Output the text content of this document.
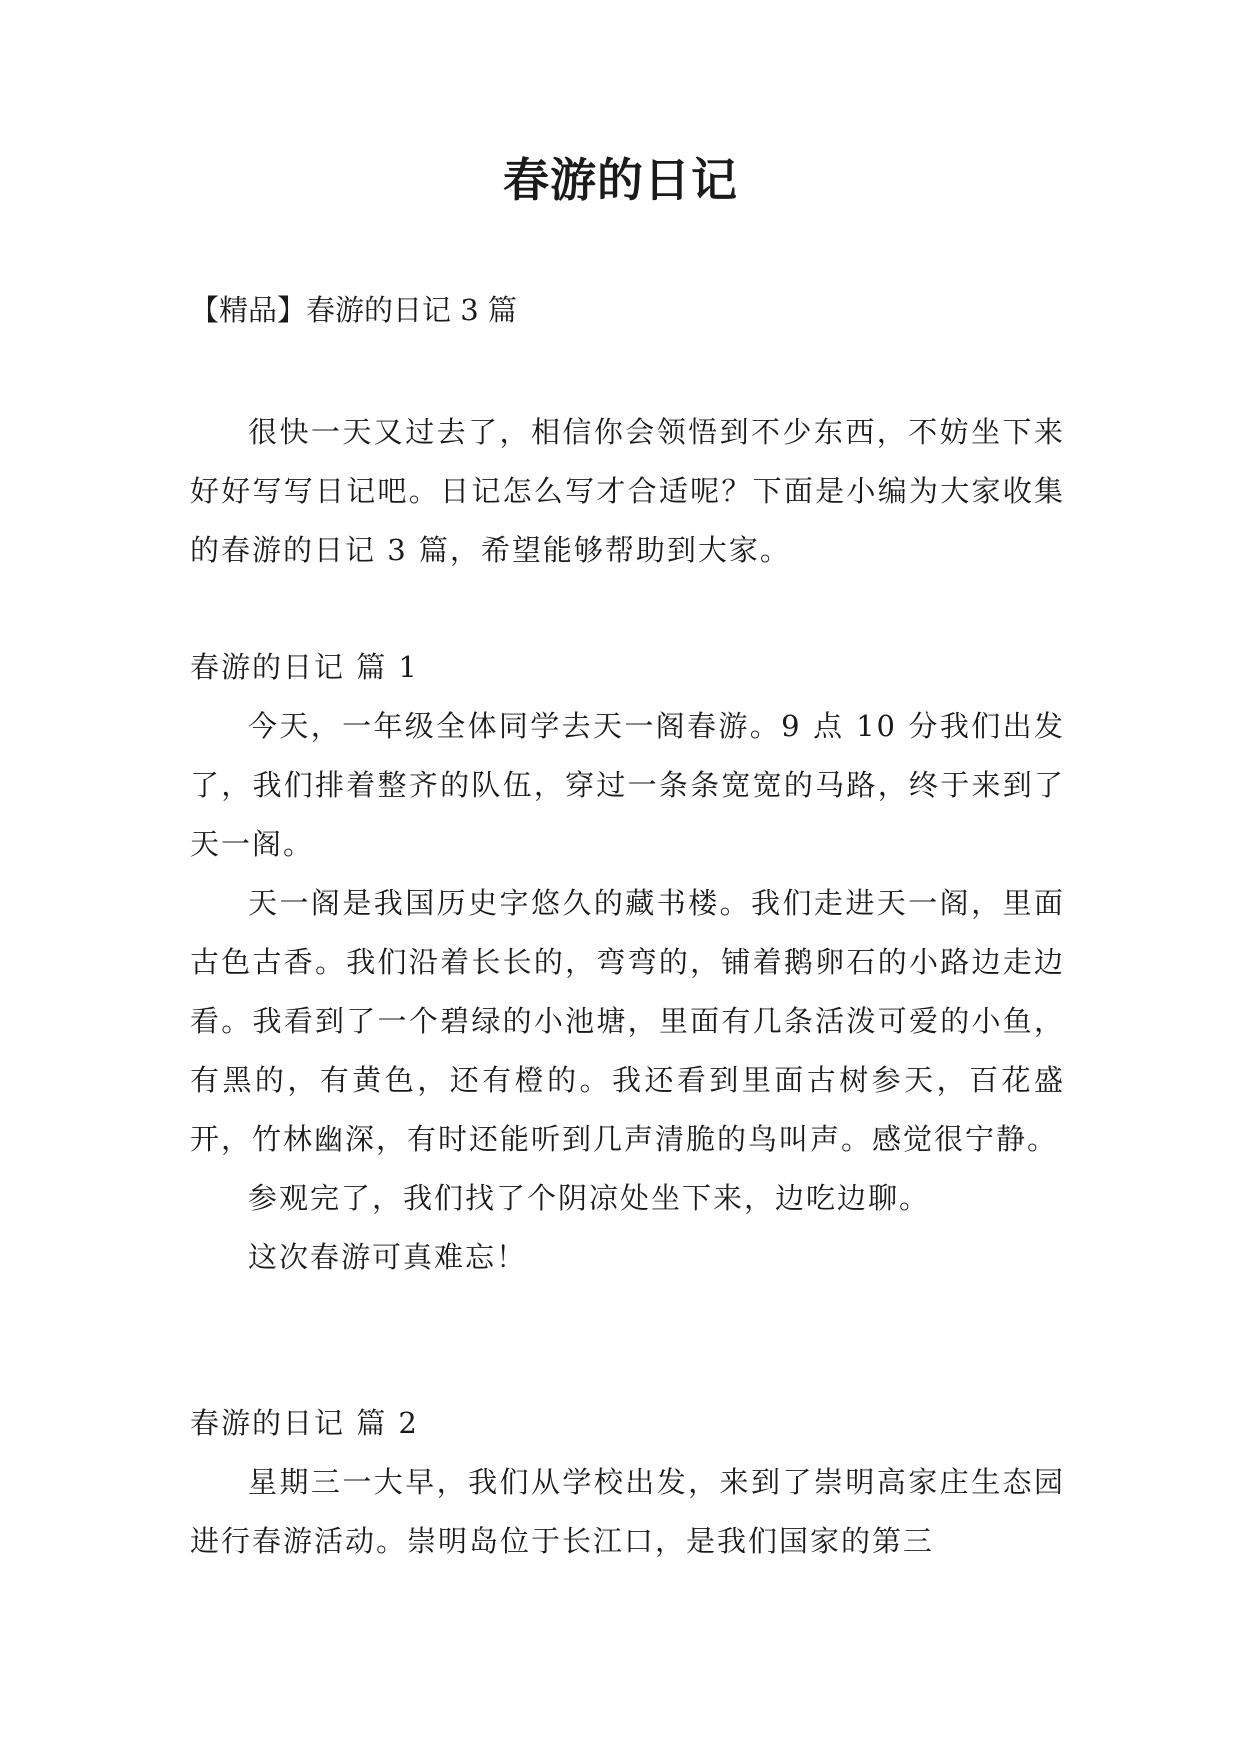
春游的日记
【精品】春游的日记 3 篇

很快一天又过去了，相信你会领悟到不少东西，不妨坐下来好好写写日记吧。日记怎么写才合适呢？下面是小编为大家收集的春游的日记 3 篇，希望能够帮助到大家。

春游的日记 篇 1

今天，一年级全体同学去天一阁春游。9 点 10 分我们出发了，我们排着整齐的队伍，穿过一条条宽宽的马路，终于来到了天一阁。

天一阁是我国历史字悠久的藏书楼。我们走进天一阁，里面古色古香。我们沿着长长的，弯弯的，铺着鹅卵石的小路边走边看。我看到了一个碧绿的小池塘，里面有几条活泼可爱的小鱼，有黑的，有黄色，还有橙的。我还看到里面古树参天，百花盛开，竹林幽深，有时还能听到几声清脆的鸟叫声。感觉很宁静。

参观完了，我们找了个阴凉处坐下来，边吃边聊。

这次春游可真难忘！

春游的日记 篇 2

星期三一大早，我们从学校出发，来到了崇明高家庄生态园进行春游活动。崇明岛位于长江口，是我们国家的第三
